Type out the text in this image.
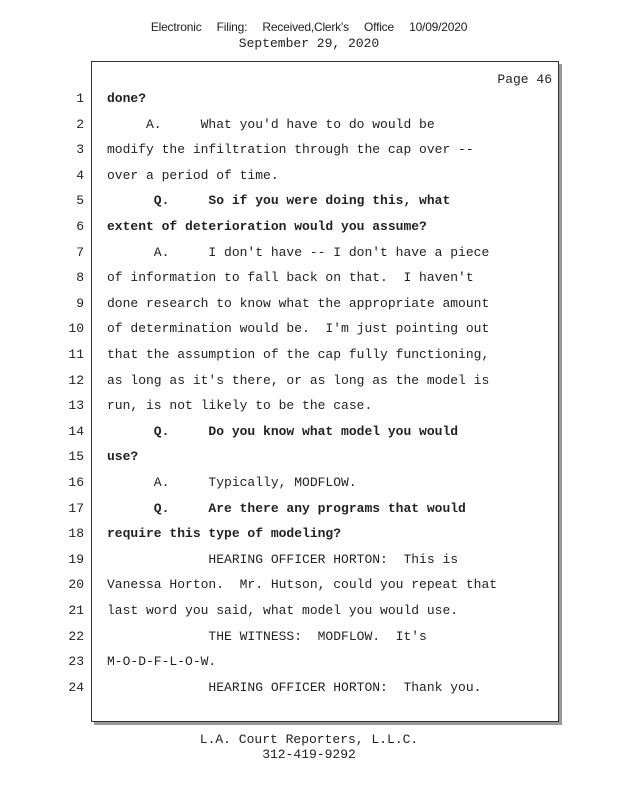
Electronic Filing: Received,Clerk's Office 10/09/2020
September 29, 2020
Page 46
1 done?
2 A.     What you'd have to do would be
3 modify the infiltration through the cap over --
4 over a period of time.
5 Q.     So if you were doing this, what
6 extent of deterioration would you assume?
7 A.     I don't have -- I don't have a piece
8 of information to fall back on that.  I haven't
9 done research to know what the appropriate amount
10 of determination would be.  I'm just pointing out
11 that the assumption of the cap fully functioning,
12 as long as it's there, or as long as the model is
13 run, is not likely to be the case.
14 Q.     Do you know what model you would
15 use?
16 A.     Typically, MODFLOW.
17 Q.     Are there any programs that would
18 require this type of modeling?
19 HEARING OFFICER HORTON:  This is
20 Vanessa Horton.  Mr. Hutson, could you repeat that
21 last word you said, what model you would use.
22 THE WITNESS:  MODFLOW.  It's
23 M-O-D-F-L-O-W.
24 HEARING OFFICER HORTON:  Thank you.
L.A. Court Reporters, L.L.C.
312-419-9292
